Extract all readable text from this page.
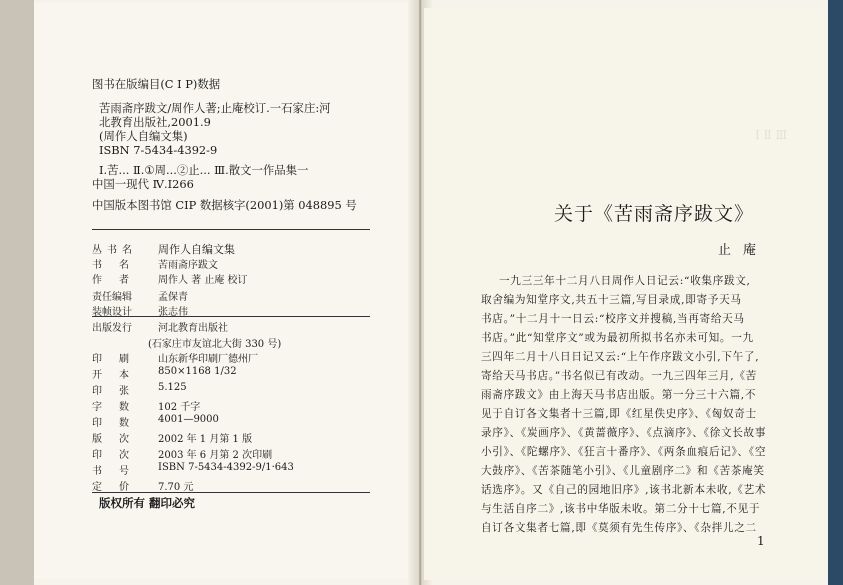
图书在版编目(C I P)数据
苦雨斋序跋文/周作人著;止庵校订.一石家庄:河
北教育出版社,2001.9
(周作人自编文集)
ISBN 7-5434-4392-9
Ⅰ.苦... Ⅱ.①周...②止... Ⅲ.散文一作品集一
中国一现代 Ⅳ.I266
中国版本图书馆 CIP 数据核字(2001)第 048895 号
丛书名 周作人自编文集
书名 苦雨斋序跋文
作者 周作人 著 止庵 校订
责任编辑	孟保青
装帧设计	张志伟
出版发行	河北教育出版社
(石家庄市友谊北大街 330 号)
印刷 山东新华印刷厂德州厂
开本 850×1168 1/32
印张 5.125
字数 102 千字
印数 4001—9000
版次 2002 年 1 月第 1 版
印次 2003 年 6 月第 2 次印刷
书号 ISBN 7-5434-4392-9/1·643
定价 7.70 元
版权所有 翻印必究
Ⅰ Ⅱ Ⅲ
关于《苦雨斋序跋文》
止庵
一九三三年十二月八日周作人日记云:“收集序跋文,
取舍编为知堂序文,共五十三篇,写目录成,即寄予天马
书店。”十二月十一日云:“校序文并搜稿,当再寄给天马
书店。”此“知堂序文”或为最初所拟书名亦未可知。一九
三四年二月十八日日记又云:“上午作序跋文小引,下午了,
寄给天马书店。”书名似已有改动。一九三四年三月,《苦
雨斋序跋文》由上海天马书店出版。第一分三十六篇,不
见于自订各文集者十三篇,即《红星佚史序》、《匈奴奇士
录序》、《炭画序》、《黄蔷薇序》、《点滴序》、《徐文长故事
小引》、《陀螺序》、《狂言十番序》、《两条血痕后记》、《空
大鼓序》、《苦茶随笔小引》、《儿童剧序二》和《苦茶庵笑
话选序》。又《自己的园地旧序》,该书北新本未收,《艺术
与生活自序二》,该书中华版未收。第二分十七篇,不见于
自订各文集者七篇,即《莫须有先生传序》、《杂拌儿之二
1
